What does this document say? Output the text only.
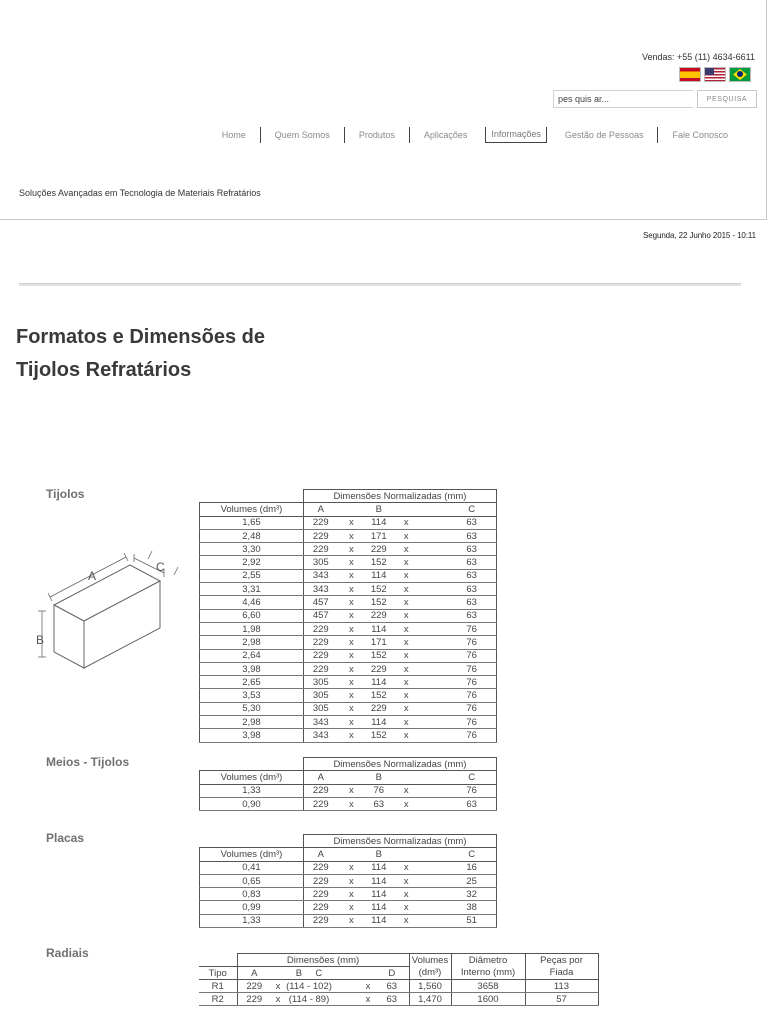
Vendas: +55 (11) 4634-6611
pes quis ar...
PESQUISA
Home	Quem Somos	Produtos	Aplicações	Informações	Gestão de Pessoas	Fale Conosco
Soluções Avançadas em Tecnologia de Materiais Refratários
Segunda, 22 Junho 2015 - 10:11
Formatos e Dimensões de
Tijolos Refratários
Tijolos
A
B
C
	Dimensões Normalizadas (mm)					
Volumes (dm³)	A		B			C
1,65	229	x	114	x		63
2,48	229	x	171	x		63
3,30	229	x	229	x		63
2,92	305	x	152	x		63
2,55	343	x	114	x		63
3,31	343	x	152	x		63
4,46	457	x	152	x		63
6,60	457	x	229	x		63
1,98	229	x	114	x		76
2,98	229	x	171	x		76
2,64	229	x	152	x		76
3,98	229	x	229	x		76
2,65	305	x	114	x		76
3,53	305	x	152	x		76
5,30	305	x	229	x		76
2,98	343	x	114	x		76
3,98	343	x	152	x		76
Meios - Tijolos
		Dimensões Normalizadas (mm)					
Volumes (dm³)	A		B			C
1,33	229	x	76	x		76
0,90	229	x	63	x		63
Placas
		Dimensões Normalizadas (mm)					
Volumes (dm³)	A		B			C
0,41	229	x	114	x		16
0,65	229	x	114	x		25
0,83	229	x	114	x		32
0,99	229	x	114	x		38
1,33	229	x	114	x		51
Radiais
		Dimensões (mm)						Volumes	Diâmetro	Peças por
Tipo	A		B C			D	(dm³)	Interno (mm)	Fiada
R1	229	x	(114 - 102)		x	63	1,560	3658	113
R2	229	x	(114 - 89)		x	63	1,470	1600	57
